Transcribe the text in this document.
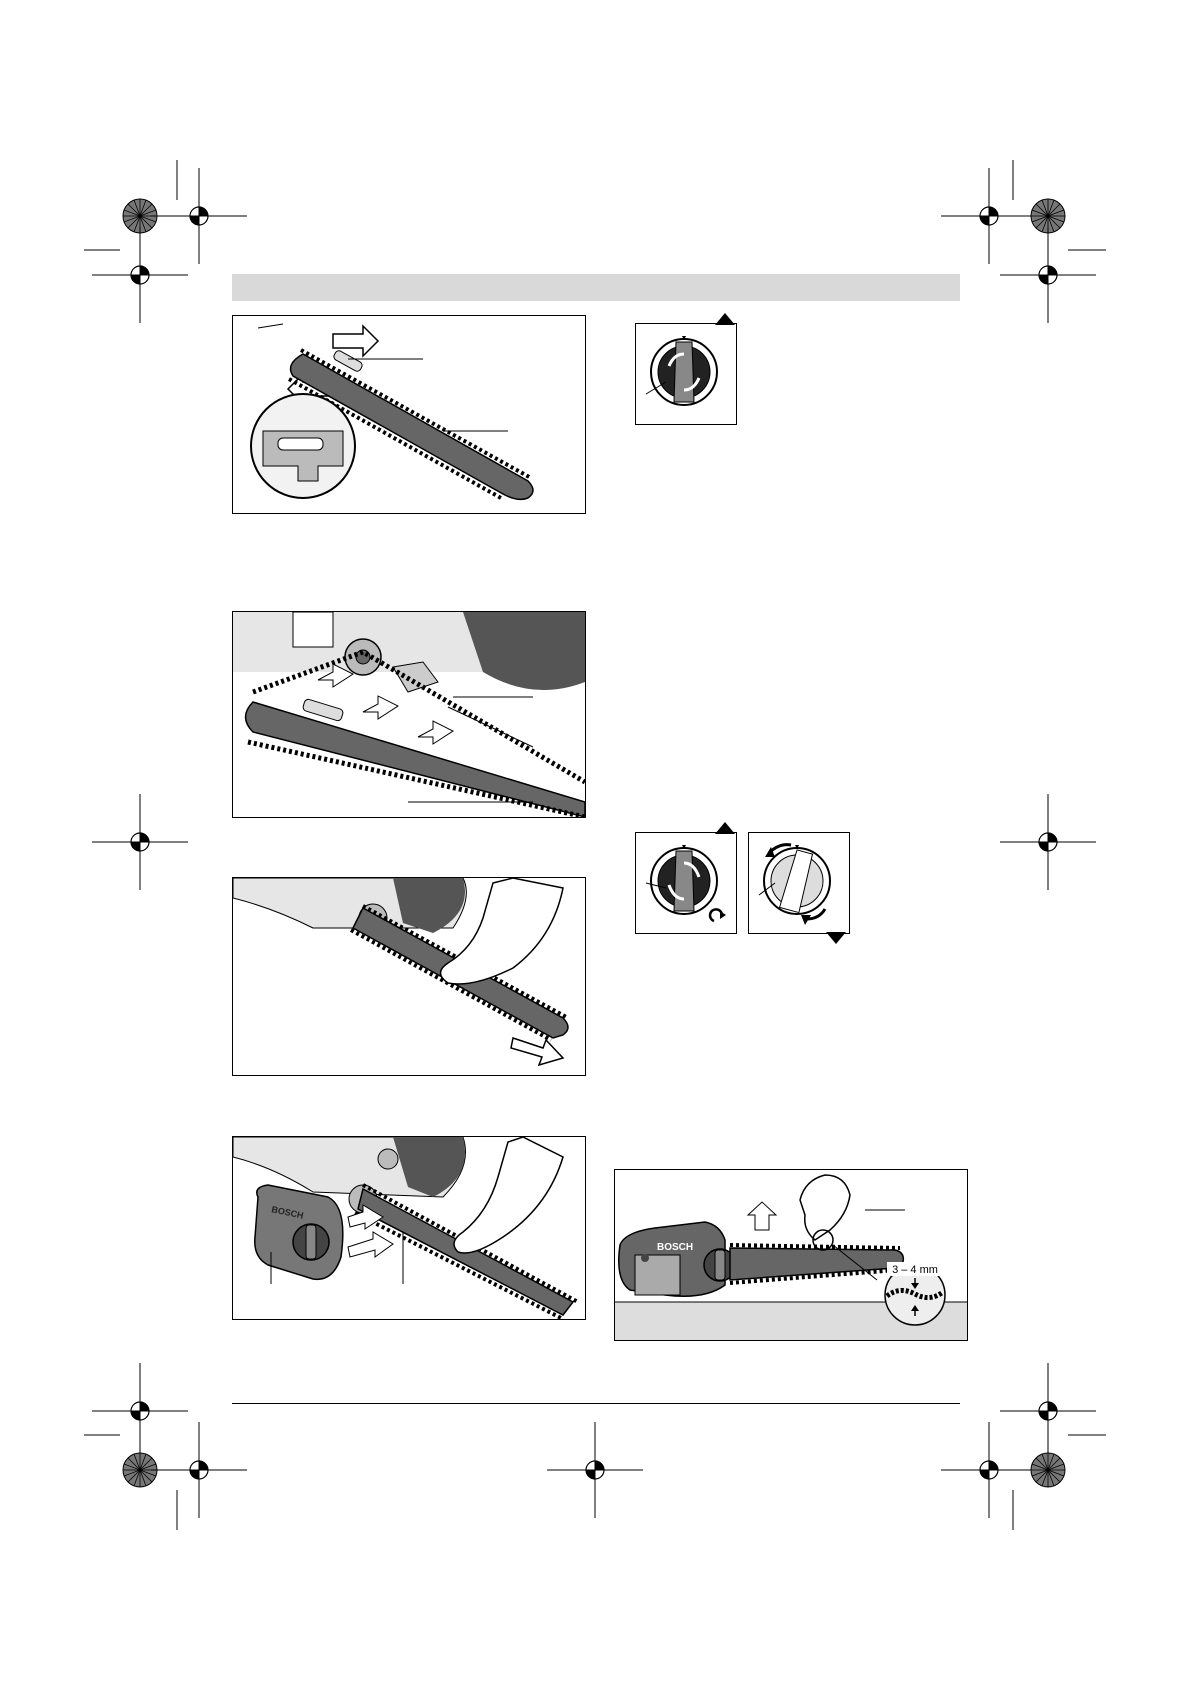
BOSCH
BOSCH
3 – 4 mm
